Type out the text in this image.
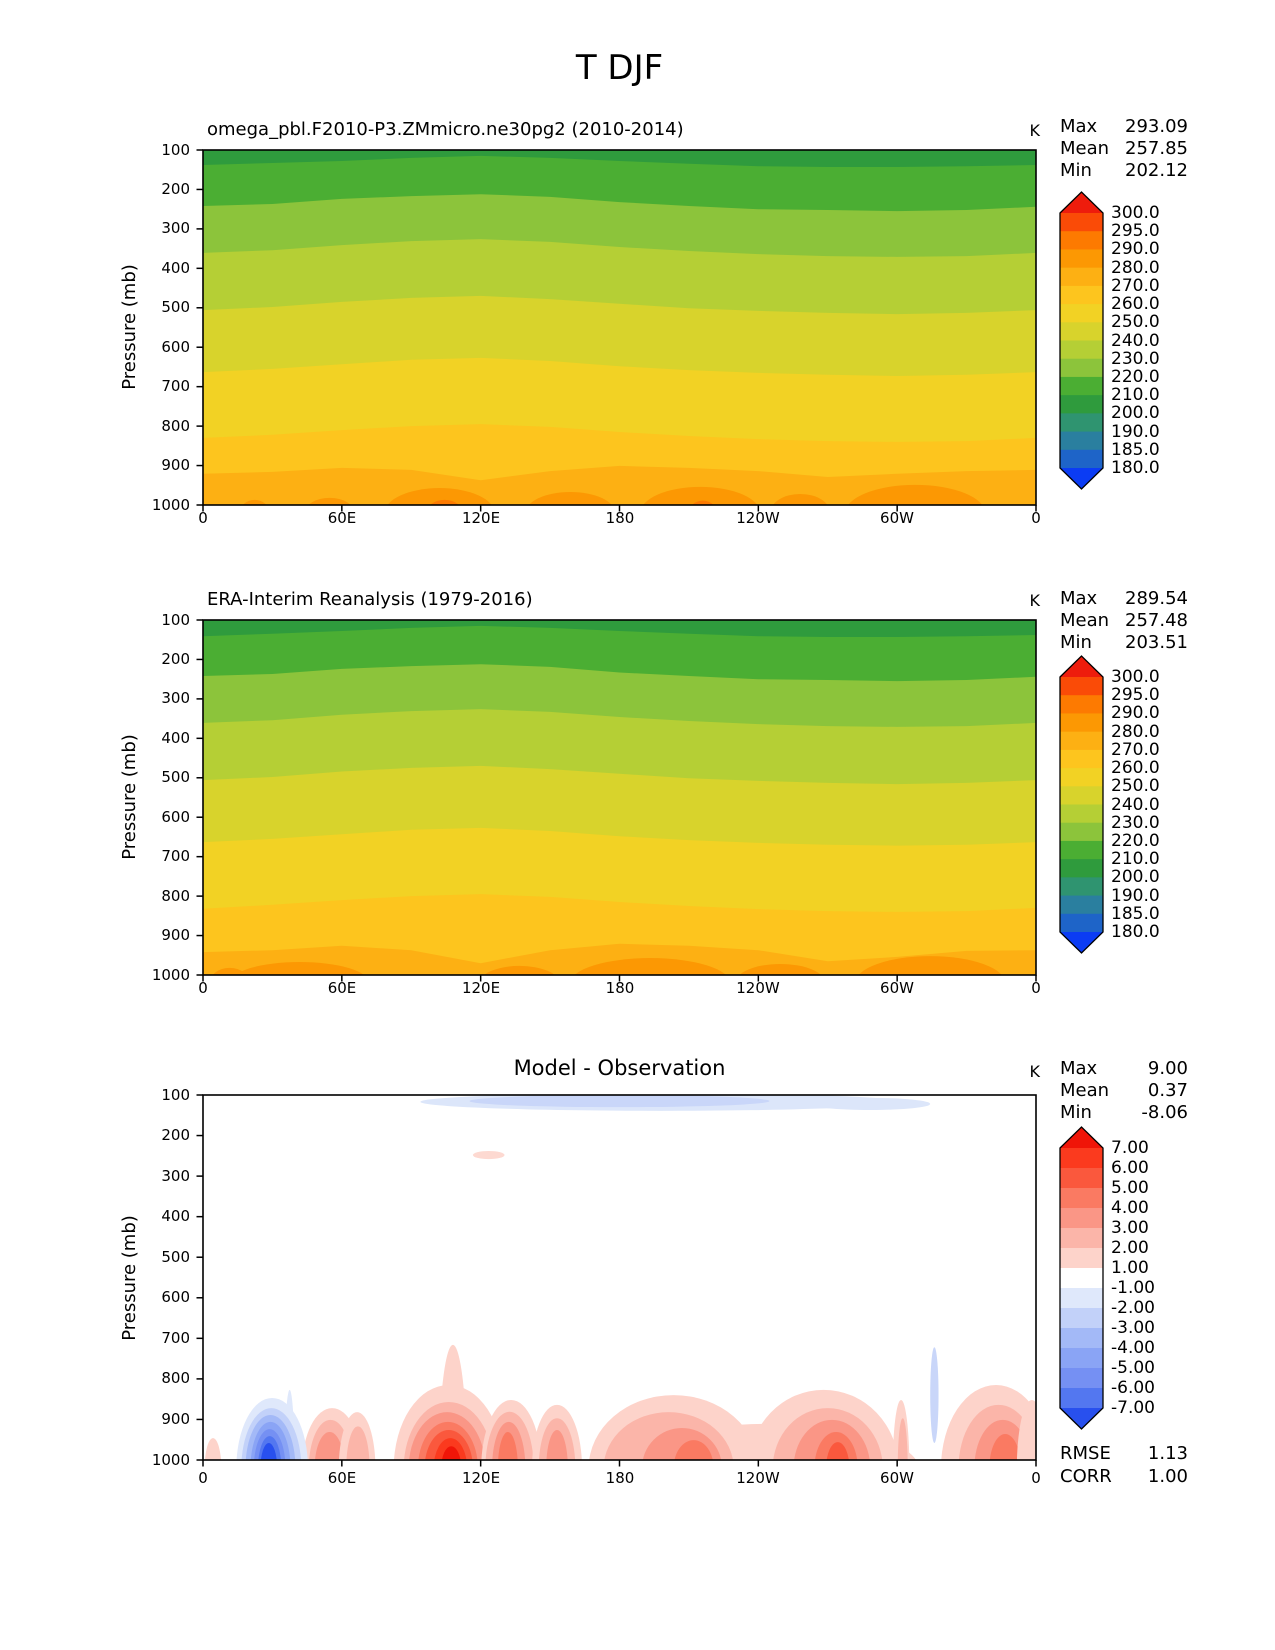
T DJF
omega_pbl.F2010-P3.ZMmicro.ne30pg2 (2010-2014)	K Max	293.09
Mean 257.85
Min	202.12
Pressure (mb)
ERA-Interim Reanalysis (1979-2016)	K Max	289.54
Mean 257.48
Min	203.51
Pressure (mb)
Model - Observation	K Max	9.00
Mean	0.37
Min	-8.06
Pressure (mb)
RMSE	1.13
CORR	1.00
0	60E	120E	180	120W	60W	0
100
200
300
400
500
600
700
800
900
1000
300.0
295.0
290.0
280.0
270.0
260.0
250.0
240.0
230.0
220.0
210.0
200.0
190.0
185.0
180.0
0	60E	120E	180	120W	60W	0
100
200
300
400
500
600
700
800
900
1000
300.0
295.0
290.0
280.0
270.0
260.0
250.0
240.0
230.0
220.0
210.0
200.0
190.0
185.0
180.0
0	60E	120E	180	120W	60W	0
100
200
300
400
500
600
700
800
900
1000
7.00
6.00
5.00
4.00
3.00
2.00
1.00
-1.00
-2.00
-3.00
-4.00
-5.00
-6.00
-7.00
